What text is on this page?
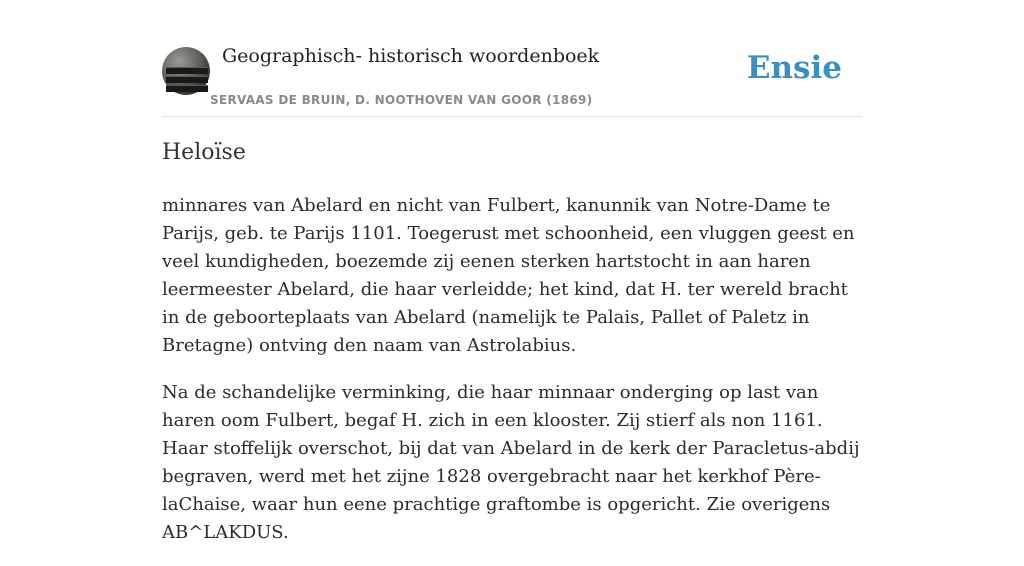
Geographisch- historisch woordenboek
SERVAAS DE BRUIN, D. NOOTHOVEN VAN GOOR (1869)
Ensie
Heloïse

minnares van Abelard en nicht van Fulbert, kanunnik van Notre-Dame te Parijs, geb. te Parijs 1101. Toegerust met schoonheid, een vluggen geest en veel kundigheden, boezemde zij eenen sterken hartstocht in aan haren leermeester Abelard, die haar verleidde; het kind, dat H. ter wereld bracht in de geboorteplaats van Abelard (namelijk te Palais, Pallet of Paletz in Bretagne) ontving den naam van Astrolabius.

Na de schandelijke verminking, die haar minnaar onderging op last van haren oom Fulbert, begaf H. zich in een klooster. Zij stierf als non 1161. Haar stoffelijk overschot, bij dat van Abelard in de kerk der Paracletus-abdij begraven, werd met het zijne 1828 overgebracht naar het kerkhof Père-laChaise, waar hun eene prachtige graftombe is opgericht. Zie overigens AB^LAKDUS.
